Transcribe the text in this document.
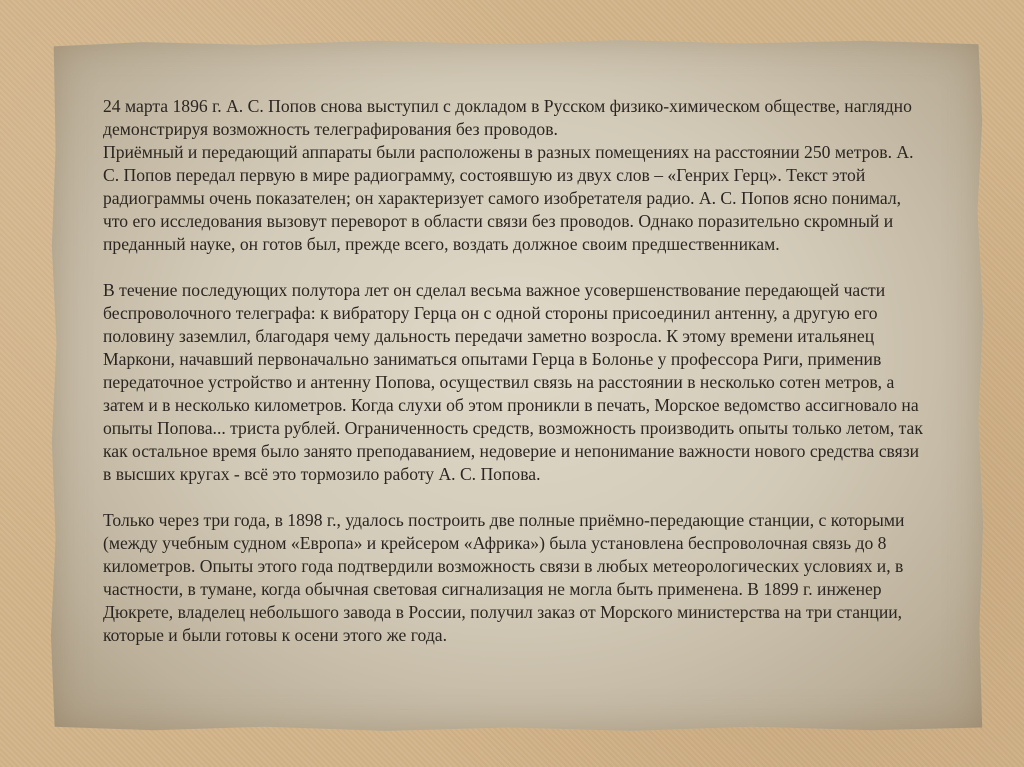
24 марта 1896 г. А. С. Попов снова выступил с докладом в Русском физико-химическом обществе, наглядно демонстрируя возможность телеграфирования без проводов.

Приёмный и передающий аппараты были расположены в разных помещениях на расстоянии 250 метров. А. С. Попов передал первую в мире радиограмму, состоявшую из двух слов – «Генрих Герц». Текст этой радиограммы очень показателен; он характеризует самого изобретателя радио. А. С. Попов ясно понимал, что его исследования вызовут переворот в области связи без проводов. Однако поразительно скромный и преданный науке, он готов был, прежде всего, воздать должное своим предшественникам.

В течение последующих полутора лет он сделал весьма важное усовершенствование передающей части беспроволочного телеграфа: к вибратору Герца он с одной стороны присоединил антенну, а другую его половину заземлил, благодаря чему дальность передачи заметно возросла. К этому времени итальянец Маркони, начавший первоначально заниматься опытами Герца в Болонье у профессора Риги, применив передаточное устройство и антенну Попова, осуществил связь на расстоянии в несколько сотен метров, а затем и в несколько километров. Когда слухи об этом проникли в печать, Морское ведомство ассигновало на опыты Попова... триста рублей. Ограниченность средств, возможность производить опыты только летом, так как остальное время было занято преподаванием, недоверие и непонимание важности нового средства связи в высших кругах - всё это тормозило работу А. С. Попова.

Только через три года, в 1898 г., удалось построить две полные приёмно-передающие станции, с которыми (между учебным судном «Европа» и крейсером «Африка») была установлена беспроволочная связь до 8 километров. Опыты этого года подтвердили возможность связи в любых метеорологических условиях и, в частности, в тумане, когда обычная световая сигнализация не могла быть применена. В 1899 г. инженер Дюкрете, владелец небольшого завода в России, получил заказ от Морского министерства на три станции, которые и были готовы к осени этого же года.
